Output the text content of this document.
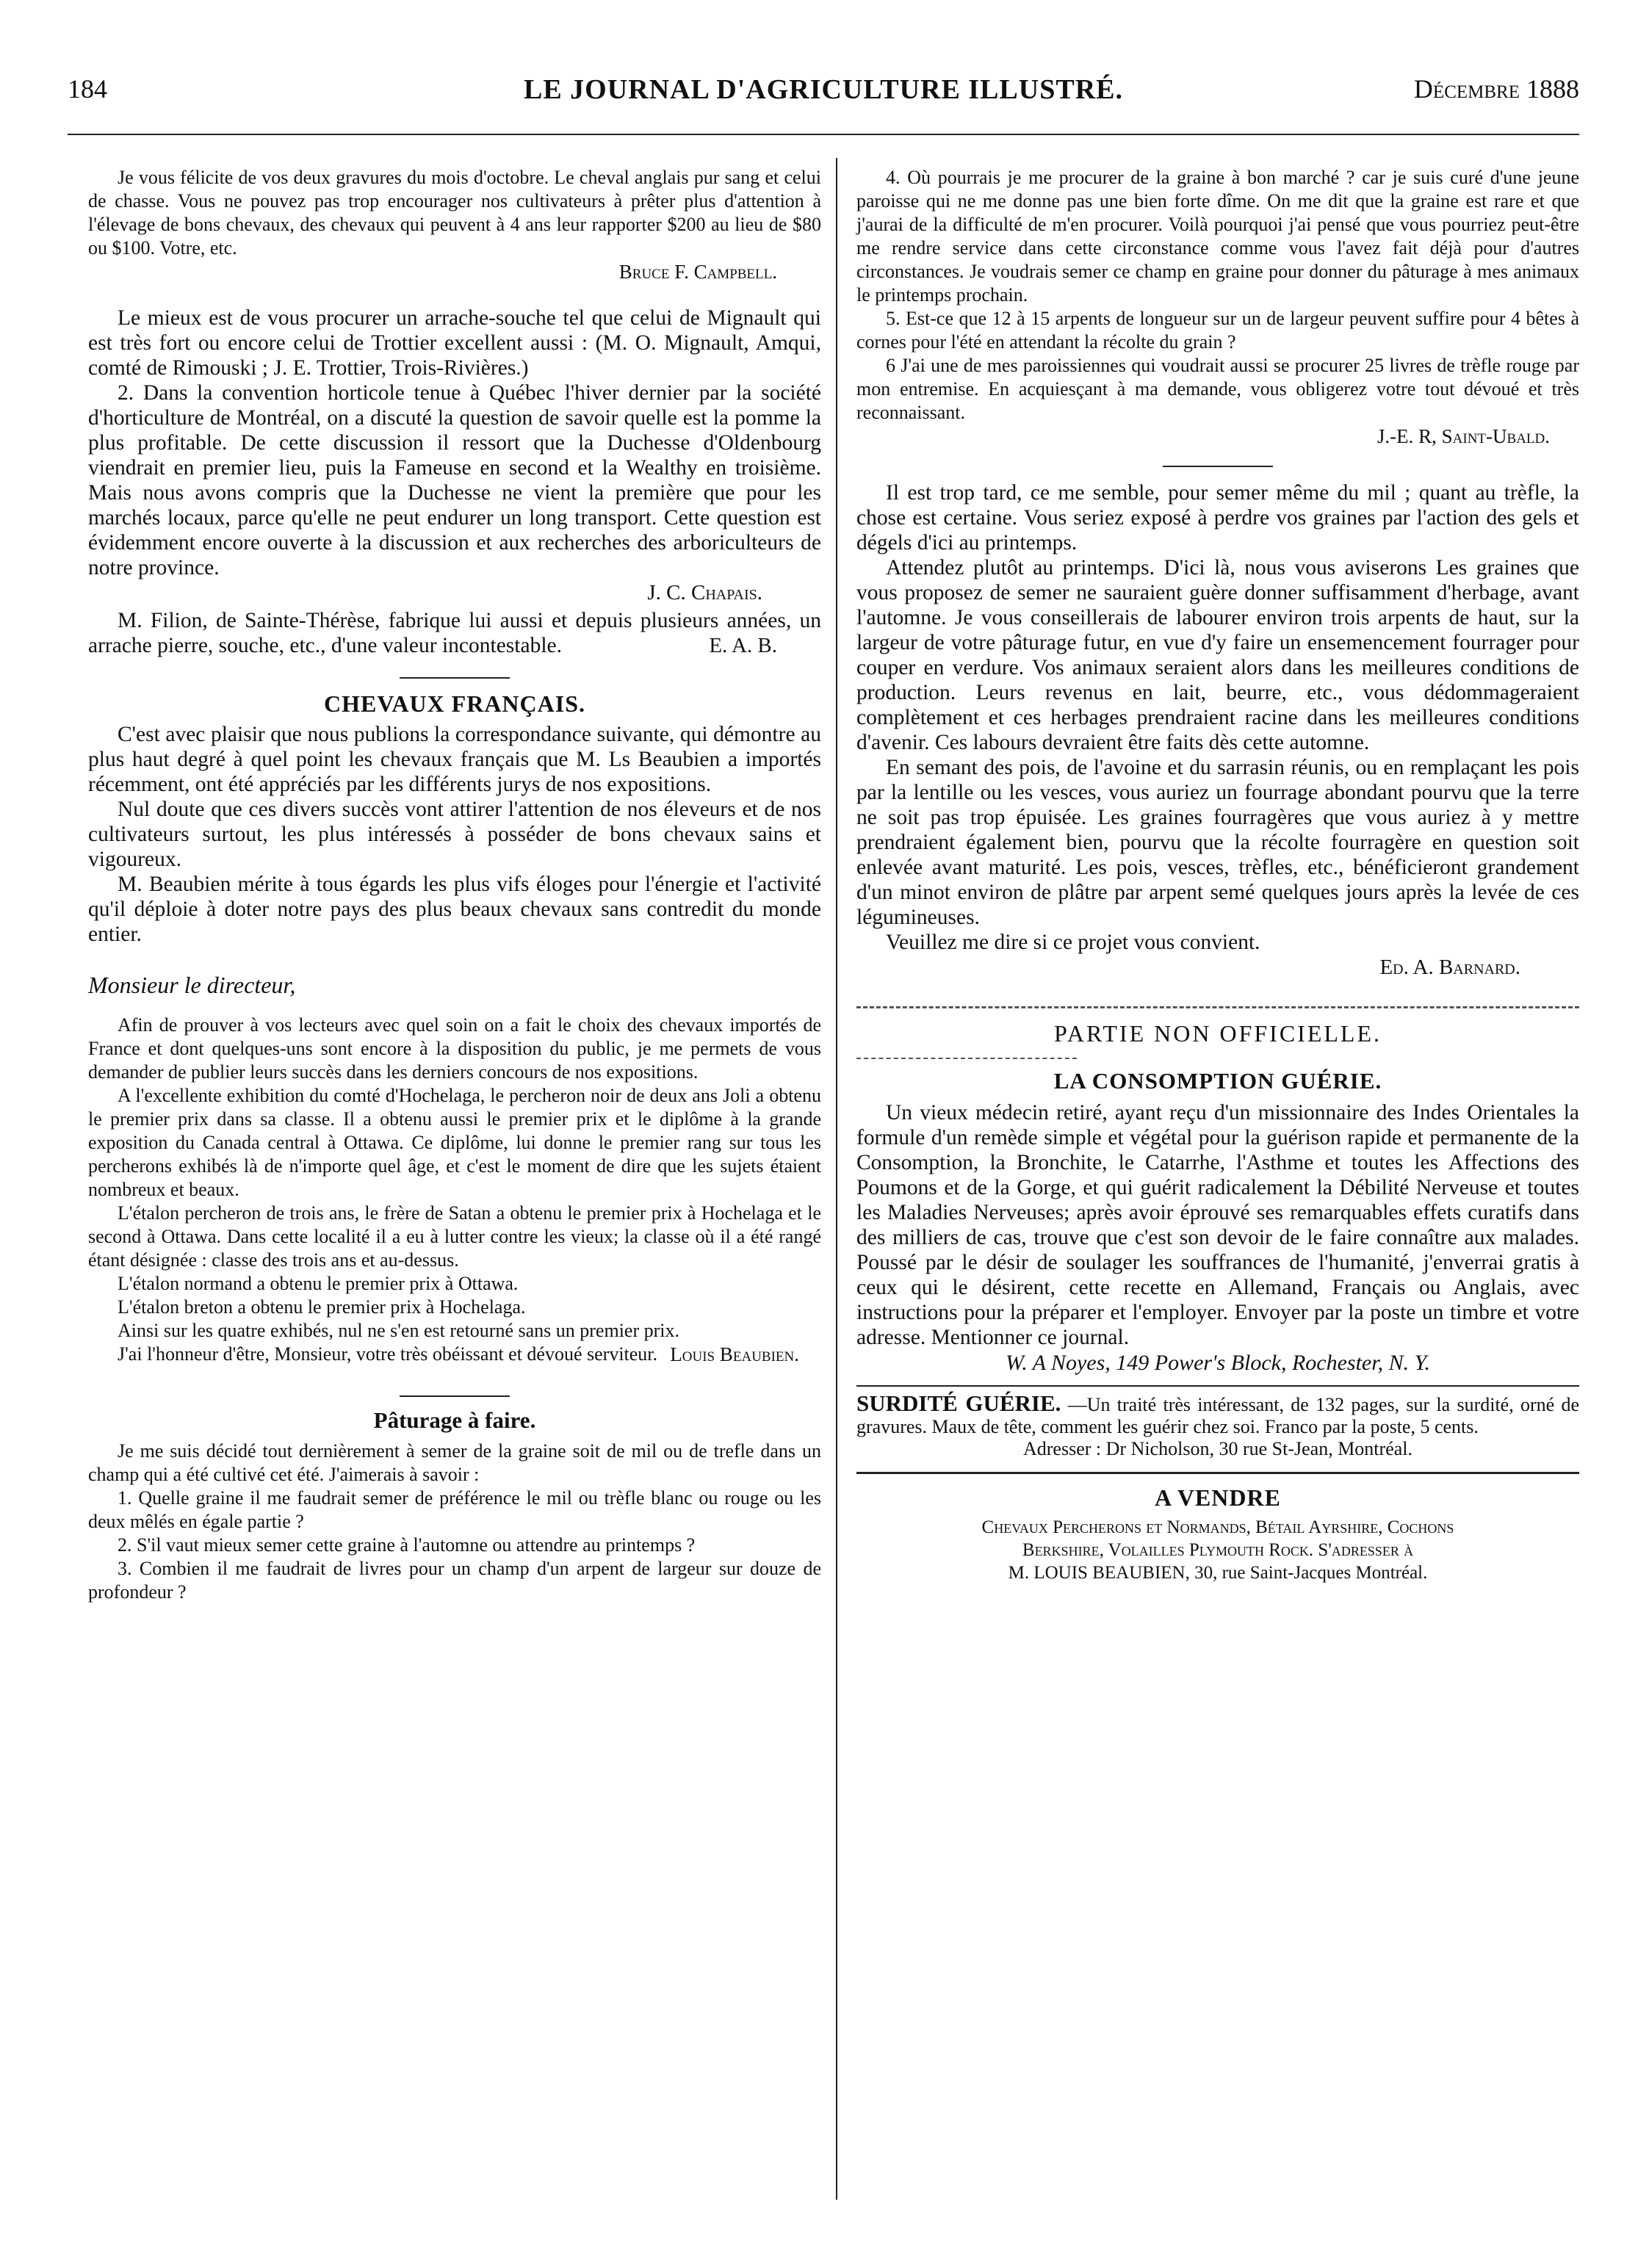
184	LE JOURNAL D'AGRICULTURE ILLUSTRÉ.	Décembre 1888

Je vous félicite de vos deux gravures du mois d'octobre. Le cheval anglais pur sang et celui de chasse. Vous ne pouvez pas trop encourager nos cultivateurs à prêter plus d'attention à l'élevage de bons chevaux, des chevaux qui peuvent à 4 ans leur rapporter $200 au lieu de $80 ou $100. Votre, etc.

Bruce F. Campbell.

Le mieux est de vous procurer un arrache-souche tel que celui de Mignault qui est très fort ou encore celui de Trottier excellent aussi : (M. O. Mignault, Amqui, comté de Rimouski ; J. E. Trottier, Trois-Rivières.)

2. Dans la convention horticole tenue à Québec l'hiver dernier par la société d'horticulture de Montréal, on a discuté la question de savoir quelle est la pomme la plus profitable. De cette discussion il ressort que la Duchesse d'Oldenbourg viendrait en premier lieu, puis la Fameuse en second et la Wealthy en troisième. Mais nous avons compris que la Duchesse ne vient la première que pour les marchés locaux, parce qu'elle ne peut endurer un long transport. Cette question est évidemment encore ouverte à la discussion et aux recherches des arboriculteurs de notre province.

J. C. Chapais.

M. Filion, de Sainte-Thérèse, fabrique lui aussi et depuis plusieurs années, un arrache pierre, souche, etc., d'une valeur incontestable.	E. A. B.
CHEVAUX FRANÇAIS.

C'est avec plaisir que nous publions la correspondance suivante, qui démontre au plus haut degré à quel point les chevaux français que M. Ls Beaubien a importés récemment, ont été appréciés par les différents jurys de nos expositions.

Nul doute que ces divers succès vont attirer l'attention de nos éleveurs et de nos cultivateurs surtout, les plus intéressés à posséder de bons chevaux sains et vigoureux.

M. Beaubien mérite à tous égards les plus vifs éloges pour l'énergie et l'activité qu'il déploie à doter notre pays des plus beaux chevaux sans contredit du monde entier.

Monsieur le directeur,

Afin de prouver à vos lecteurs avec quel soin on a fait le choix des chevaux importés de France et dont quelques-uns sont encore à la disposition du public, je me permets de vous demander de publier leurs succès dans les derniers concours de nos expositions.

A l'excellente exhibition du comté d'Hochelaga, le percheron noir de deux ans Joli a obtenu le premier prix dans sa classe. Il a obtenu aussi le premier prix et le diplôme à la grande exposition du Canada central à Ottawa. Ce diplôme, lui donne le premier rang sur tous les percherons exhibés là de n'importe quel âge, et c'est le moment de dire que les sujets étaient nombreux et beaux.

L'étalon percheron de trois ans, le frère de Satan a obtenu le premier prix à Hochelaga et le second à Ottawa. Dans cette localité il a eu à lutter contre les vieux; la classe où il a été rangé étant désignée : classe des trois ans et au-dessus.

L'étalon normand a obtenu le premier prix à Ottawa.

L'étalon breton a obtenu le premier prix à Hochelaga.

Ainsi sur les quatre exhibés, nul ne s'en est retourné sans un premier prix.

J'ai l'honneur d'être, Monsieur, votre très obéissant et dévoué serviteur. Louis Beaubien.
Pâturage à faire.

Je me suis décidé tout dernièrement à semer de la graine soit de mil ou de trefle dans un champ qui a été cultivé cet été. J'aimerais à savoir :

1. Quelle graine il me faudrait semer de préférence le mil ou trèfle blanc ou rouge ou les deux mêlés en égale partie ?

2. S'il vaut mieux semer cette graine à l'automne ou attendre au printemps ?

3. Combien il me faudrait de livres pour un champ d'un arpent de largeur sur douze de profondeur ?

4. Où pourrais je me procurer de la graine à bon marché ? car je suis curé d'une jeune paroisse qui ne me donne pas une bien forte dîme. On me dit que la graine est rare et que j'aurai de la difficulté de m'en procurer. Voilà pourquoi j'ai pensé que vous pourriez peut-être me rendre service dans cette circonstance comme vous l'avez fait déjà pour d'autres circonstances. Je voudrais semer ce champ en graine pour donner du pâturage à mes animaux le printemps prochain.

5. Est-ce que 12 à 15 arpents de longueur sur un de largeur peuvent suffire pour 4 bêtes à cornes pour l'été en attendant la récolte du grain ?

6 J'ai une de mes paroissiennes qui voudrait aussi se procurer 25 livres de trèfle rouge par mon entremise. En acquiesçant à ma demande, vous obligerez votre tout dévoué et très reconnaissant.

J.-E. R, Saint-Ubald.

Il est trop tard, ce me semble, pour semer même du mil ; quant au trèfle, la chose est certaine. Vous seriez exposé à perdre vos graines par l'action des gels et dégels d'ici au printemps.

Attendez plutôt au printemps. D'ici là, nous vous aviserons Les graines que vous proposez de semer ne sauraient guère donner suffisamment d'herbage, avant l'automne. Je vous conseillerais de labourer environ trois arpents de haut, sur la largeur de votre pâturage futur, en vue d'y faire un ensemencement fourrager pour couper en verdure. Vos animaux seraient alors dans les meilleures conditions de production. Leurs revenus en lait, beurre, etc., vous dédommageraient complètement et ces herbages prendraient racine dans les meilleures conditions d'avenir. Ces labours devraient être faits dès cette automne.

En semant des pois, de l'avoine et du sarrasin réunis, ou en remplaçant les pois par la lentille ou les vesces, vous auriez un fourrage abondant pourvu que la terre ne soit pas trop épuisée. Les graines fourragères que vous auriez à y mettre prendraient également bien, pourvu que la récolte fourragère en question soit enlevée avant maturité. Les pois, vesces, trèfles, etc., bénéficieront grandement d'un minot environ de plâtre par arpent semé quelques jours après la levée de ces légumineuses.

Veuillez me dire si ce projet vous convient.

Ed. A. Barnard.
PARTIE NON OFFICIELLE.
LA CONSOMPTION GUÉRIE.

Un vieux médecin retiré, ayant reçu d'un missionnaire des Indes Orientales la formule d'un remède simple et végétal pour la guérison rapide et permanente de la Consomption, la Bronchite, le Catarrhe, l'Asthme et toutes les Affections des Poumons et de la Gorge, et qui guérit radicalement la Débilité Nerveuse et toutes les Maladies Nerveuses; après avoir éprouvé ses remarquables effets curatifs dans des milliers de cas, trouve que c'est son devoir de le faire connaître aux malades. Poussé par le désir de soulager les souffrances de l'humanité, j'enverrai gratis à ceux qui le désirent, cette recette en Allemand, Français ou Anglais, avec instructions pour la préparer et l'employer. Envoyer par la poste un timbre et votre adresse. Mentionner ce journal.

W. A Noyes, 149 Power's Block, Rochester, N. Y.
SURDITÉ GUÉRIE. —Un traité très intéressant, de 132 pages, sur la surdité, orné de gravures. Maux de tête, comment les guérir chez soi. Franco par la poste, 5 cents.
Adresser : Dr Nicholson, 30 rue St-Jean, Montréal.
A VENDRE
Chevaux Percherons et Normands, Bétail Ayrshire, Cochons
Berkshire, Volailles Plymouth Rock. S'adresser à
M. LOUIS BEAUBIEN, 30, rue Saint-Jacques Montréal.
